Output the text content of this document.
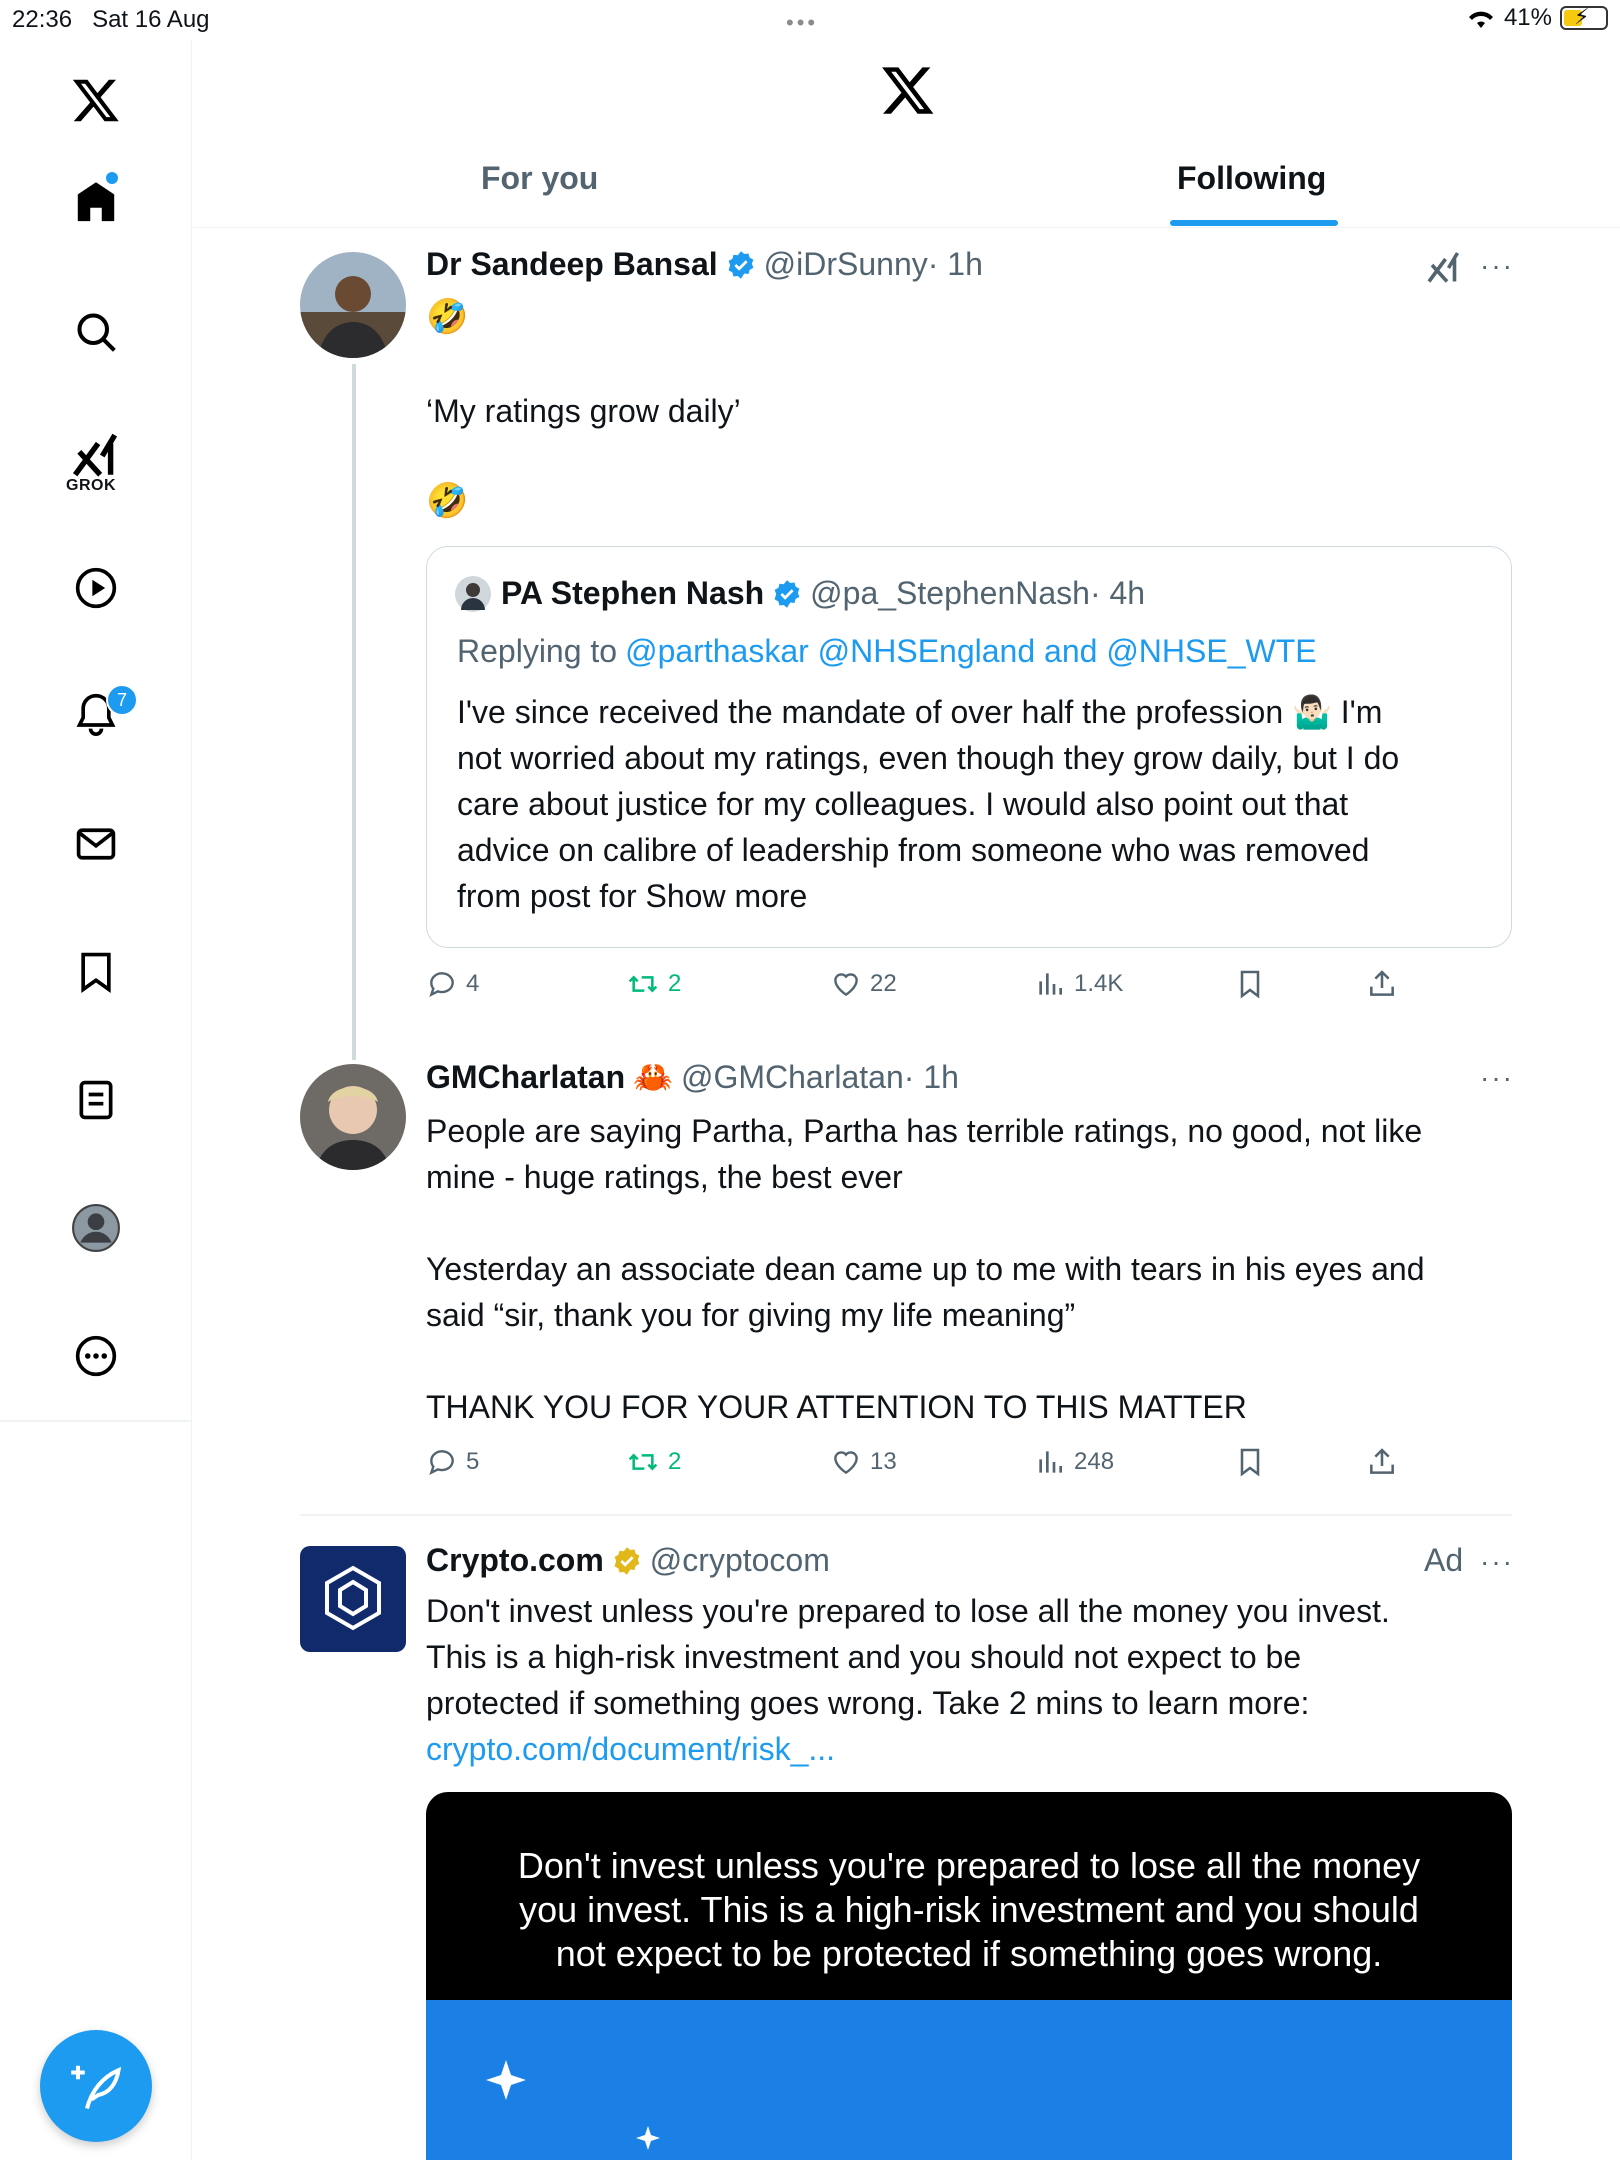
22:36 Sat 16 Aug	•••	41% ⚡
GROK
7
For you	Following
Dr Sandeep Bansal @iDrSunny · 1h	···
🤣
‘My ratings grow daily’
🤣
PA Stephen Nash @pa_StephenNash · 4h
Replying to @parthaskar @NHSEngland and @NHSE_WTE
I've since received the mandate of over half the profession 🤷🏻‍♂️ I'm
not worried about my ratings, even though they grow daily, but I do
care about justice for my colleagues. I would also point out that
advice on calibre of leadership from someone who was removed
from post for Show more
4	2	22	1.4K
GMCharlatan 🦀 @GMCharlatan · 1h	···
People are saying Partha, Partha has terrible ratings, no good, not like
mine - huge ratings, the best ever
Yesterday an associate dean came up to me with tears in his eyes and
said “sir, thank you for giving my life meaning”
THANK YOU FOR YOUR ATTENTION TO THIS MATTER
5	2	13	248
Crypto.com @cryptocom	Ad ···
Don't invest unless you're prepared to lose all the money you invest.
This is a high-risk investment and you should not expect to be
protected if something goes wrong. Take 2 mins to learn more:
crypto.com/document/risk_...
Don't invest unless you're prepared to lose all the money
you invest. This is a high-risk investment and you should
not expect to be protected if something goes wrong.
